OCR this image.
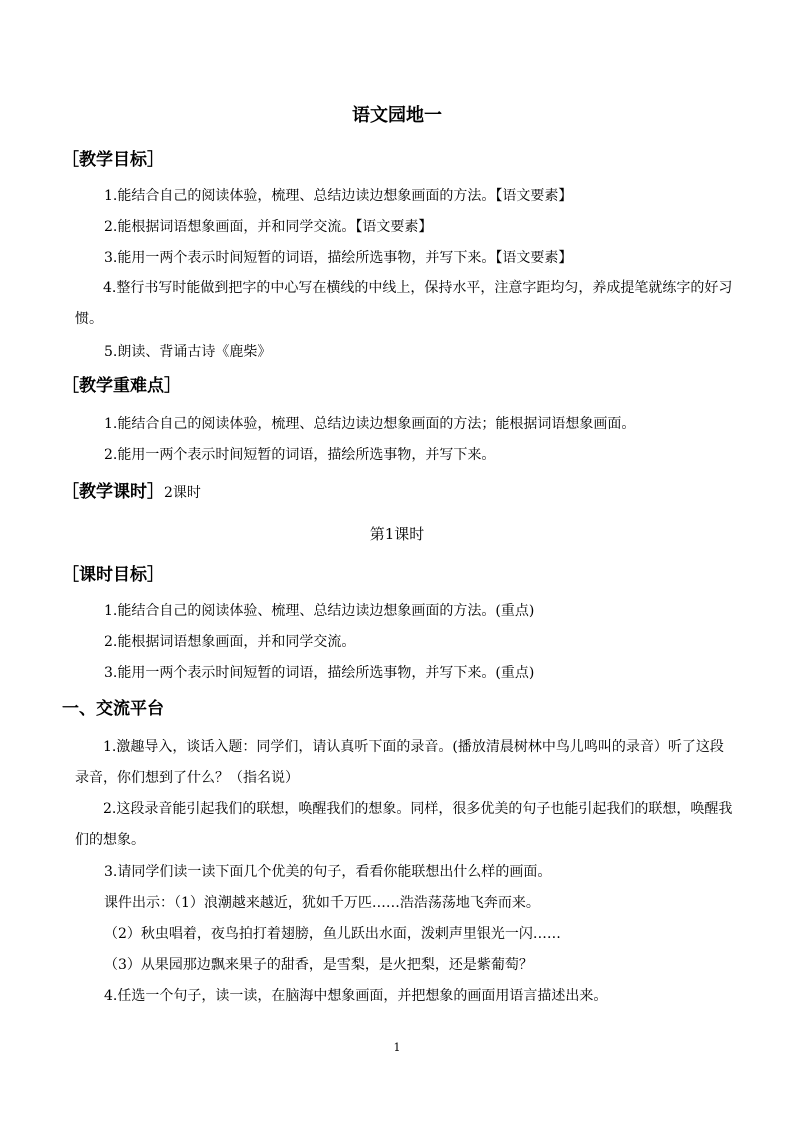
语文园地一
［教学目标］
1.能结合自己的阅读体验，梳理、总结边读边想象画面的方法。【语文要素】
2.能根据词语想象画面，并和同学交流。【语文要素】
3.能用一两个表示时间短暂的词语，描绘所选事物，并写下来。【语文要素】
4.整行书写时能做到把字的中心写在横线的中线上，保持水平，注意字距均匀，养成提笔就练字的好习惯。
5.朗读、背诵古诗《鹿柴》
［教学重难点］
1.能结合自己的阅读体验，梳理、总结边读边想象画面的方法；能根据词语想象画面。
2.能用一两个表示时间短暂的词语，描绘所选事物，并写下来。
［教学课时］2课时
第1课时
［课时目标］
1.能结合自己的阅读体验、梳理、总结边读边想象画面的方法。(重点)
2.能根据词语想象画面，并和同学交流。
3.能用一两个表示时间短暂的词语，描绘所选事物，并写下来。(重点)
一、交流平台
1.激趣导入，谈话入题：同学们，请认真听下面的录音。(播放清晨树林中鸟儿鸣叫的录音）听了这段录音，你们想到了什么？（指名说）
2.这段录音能引起我们的联想，唤醒我们的想象。同样，很多优美的句子也能引起我们的联想，唤醒我们的想象。
3.请同学们读一读下面几个优美的句子，看看你能联想出什么样的画面。
课件出示：（1）浪潮越来越近，犹如千万匹……浩浩荡荡地飞奔而来。
（2）秋虫唱着，夜鸟拍打着翅膀，鱼儿跃出水面，泼剌声里银光一闪……
（3）从果园那边飘来果子的甜香，是雪梨，是火把梨，还是紫葡萄？
4.任选一个句子，读一读，在脑海中想象画面，并把想象的画面用语言描述出来。
1
